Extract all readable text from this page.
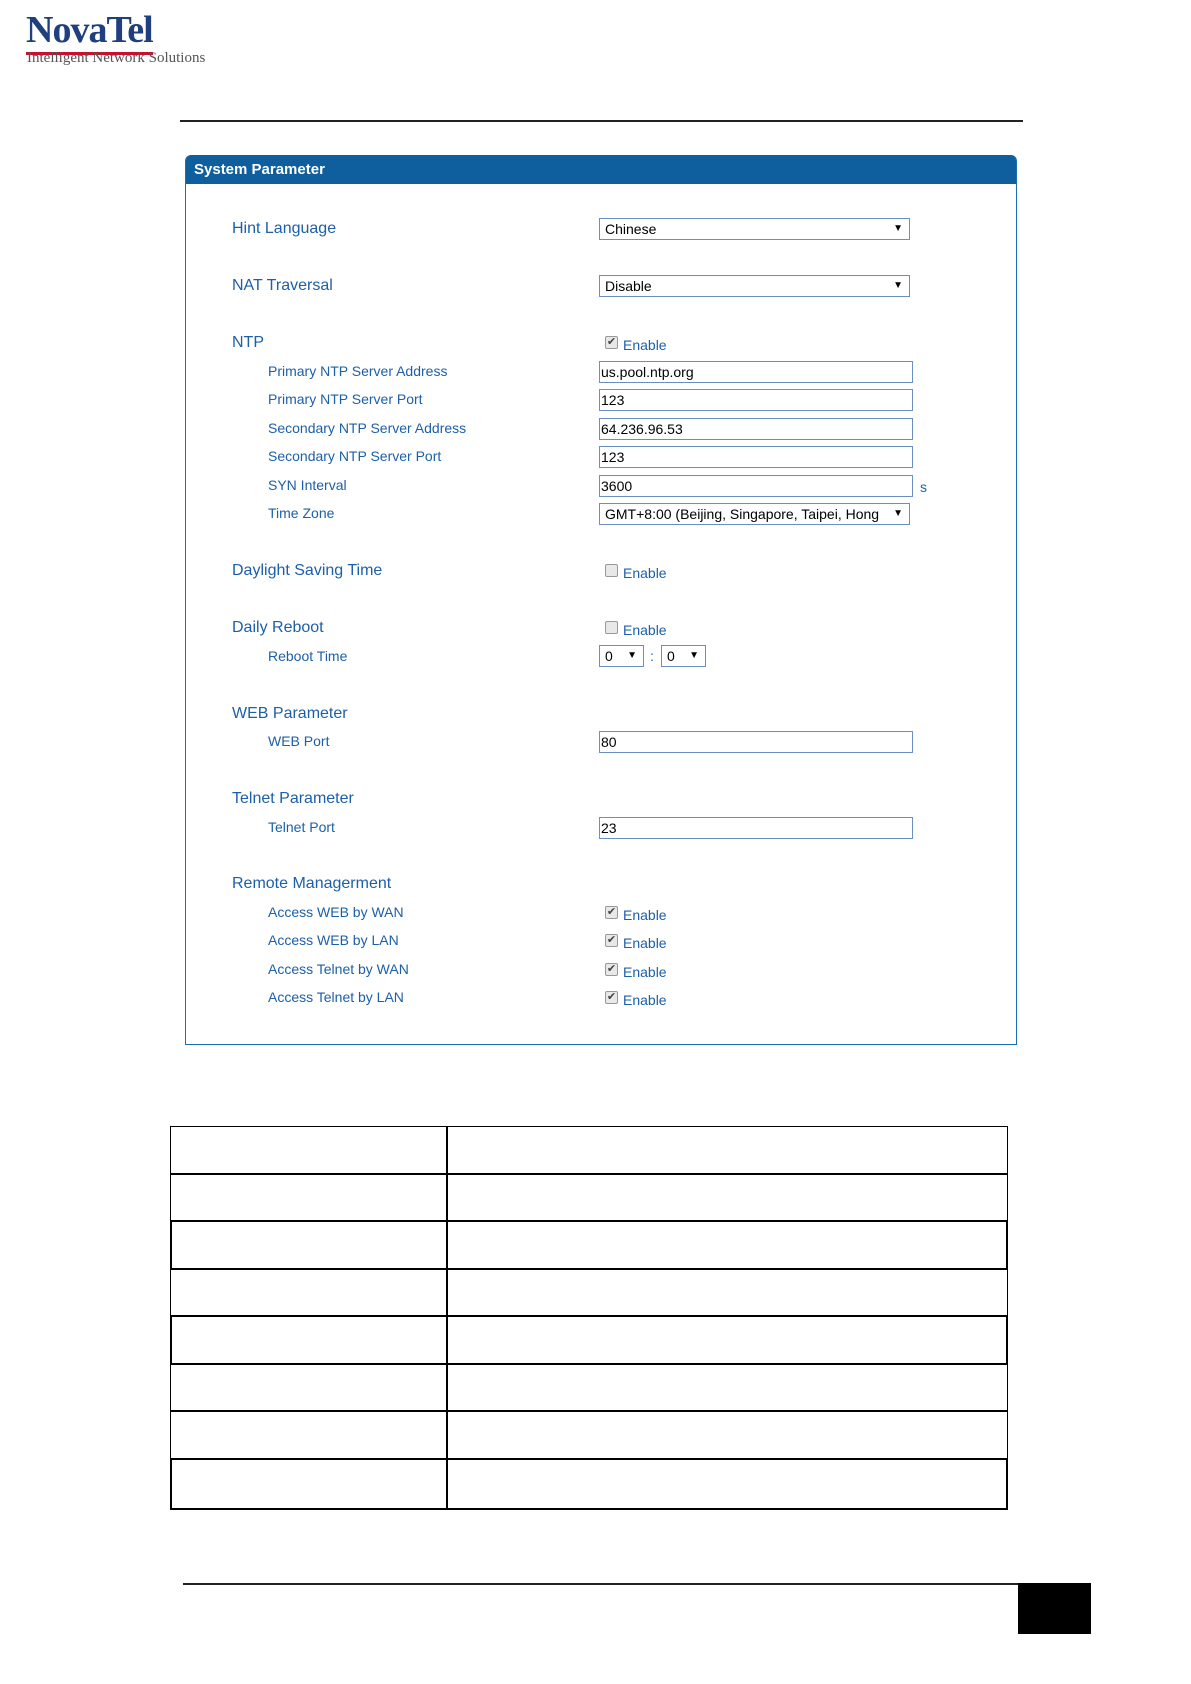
NovaTel
Intelligent Network Solutions
System Parameter
Hint Language	Chinese	▼
NAT Traversal	Disable	▼
NTP	✔ Enable
Primary NTP Server Address	us.pool.ntp.org
Primary NTP Server Port	123
Secondary NTP Server Address	64.236.96.53
Secondary NTP Server Port	123
SYN Interval	3600	s
Time Zone	GMT+8:00 (Beijing, Singapore, Taipei, Hong ▼
Daylight Saving Time	Enable
Daily Reboot	Enable
Reboot Time	0 ▼ : 0 ▼
WEB Parameter
WEB Port	80
Telnet Parameter
Telnet Port	23
Remote Managerment
Access WEB by WAN	✔ Enable
Access WEB by LAN	✔ Enable
Access Telnet by WAN	✔ Enable
Access Telnet by LAN	✔ Enable
